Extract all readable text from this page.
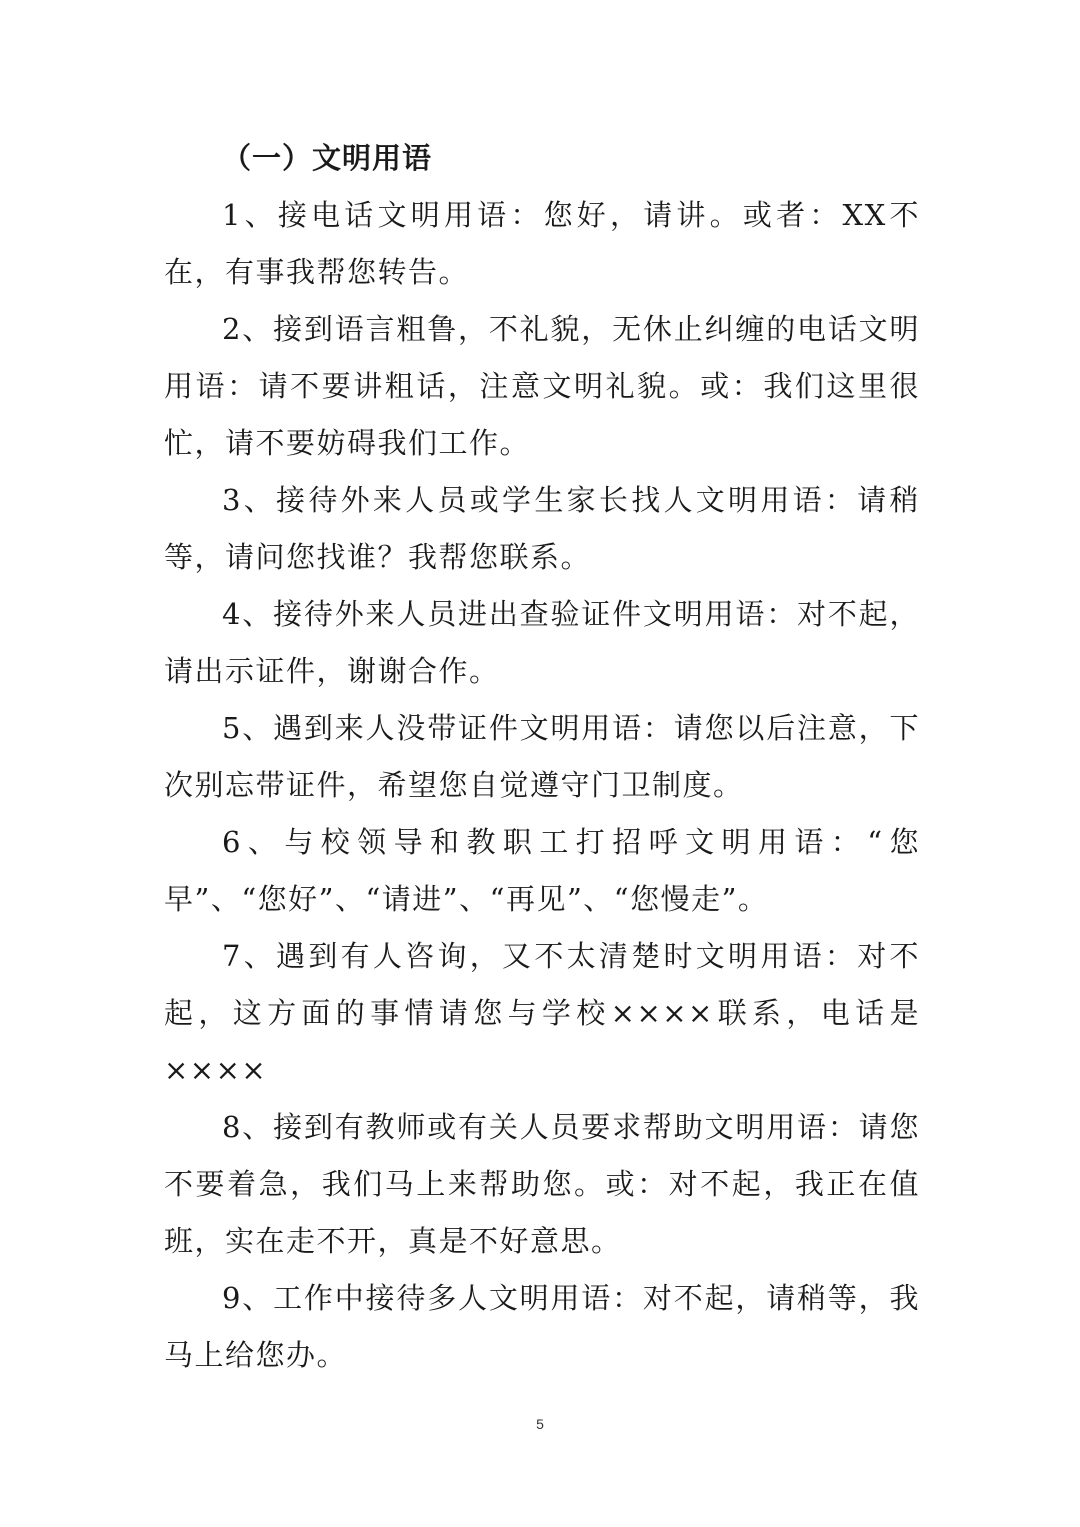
（一）文明用语

1、接电话文明用语：您好，请讲。或者：XX不在，有事我帮您转告。

2、接到语言粗鲁，不礼貌，无休止纠缠的电话文明用语：请不要讲粗话，注意文明礼貌。或：我们这里很忙，请不要妨碍我们工作。

3、接待外来人员或学生家长找人文明用语：请稍等，请问您找谁？我帮您联系。

4、接待外来人员进出查验证件文明用语：对不起，请出示证件，谢谢合作。

5、遇到来人没带证件文明用语：请您以后注意，下次别忘带证件，希望您自觉遵守门卫制度。

6、与校领导和教职工打招呼文明用语：“您早”、“您好”、“请进”、“再见”、“您慢走”。

7、遇到有人咨询，又不太清楚时文明用语：对不起，这方面的事情请您与学校××××联系，电话是××××

8、接到有教师或有关人员要求帮助文明用语：请您不要着急，我们马上来帮助您。或：对不起，我正在值班，实在走不开，真是不好意思。

9、工作中接待多人文明用语：对不起，请稍等，我马上给您办。

5
